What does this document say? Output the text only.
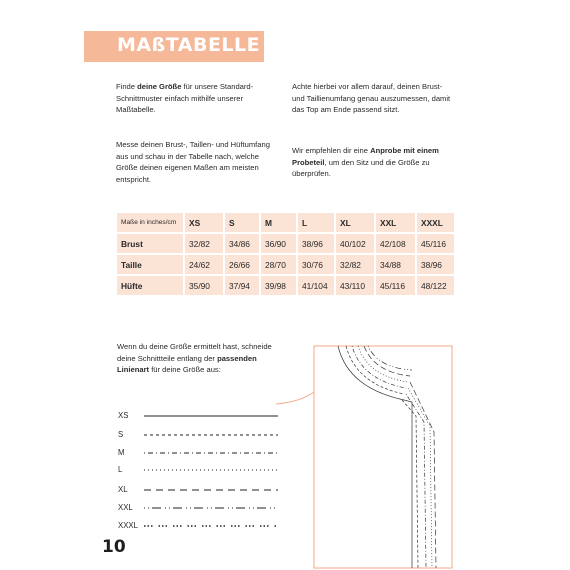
MAßTABELLE
Finde deine Größe für unsere Standard-Schnittmuster einfach mithilfe unserer Maßtabelle.
Messe deinen Brust-, Taillen- und Hüftumfang aus und schau in der Tabelle nach, welche Größe deinen eigenen Maßen am meisten entspricht.
Achte hierbei vor allem darauf, deinen Brust- und Taillienumfang genau auszumessen, damit das Top am Ende passend sitzt.
Wir empfehlen dir eine Anprobe mit einem Probeteil, um den Sitz und die Größe zu überprüfen.
Maße in inches/cm	XS	S	M	L	XL	XXL	XXXL
Brust	32/82	34/86	36/90	38/96	40/102	42/108	45/116
Taille	24/62	26/66	28/70	30/76	32/82	34/88	38/96
Hüfte	35/90	37/94	39/98	41/104	43/110	45/116	48/122
Wenn du deine Größe ermittelt hast, schneide deine Schnittteile entlang der passenden Linienart für deine Größe aus:
XS
S
M
L
XL
XXL
XXXL
10
